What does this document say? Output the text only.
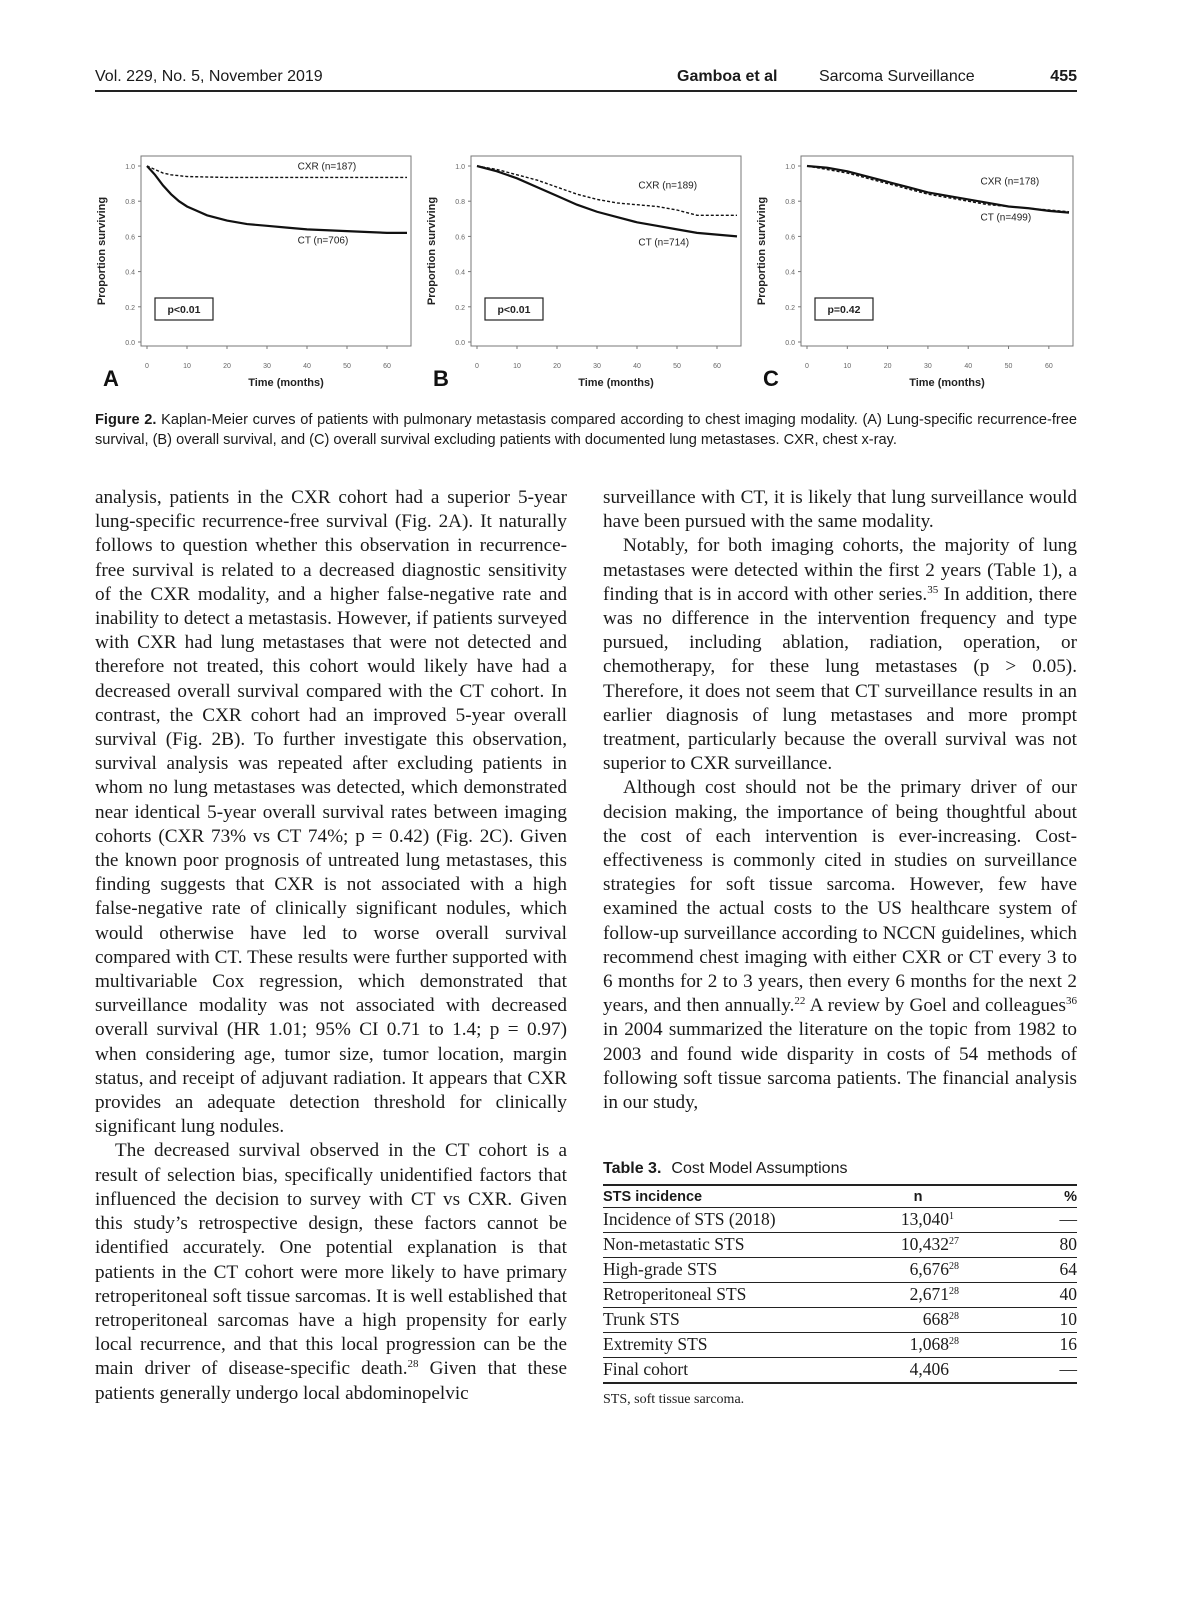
Vol. 229, No. 5, November 2019	Gamboa et al	Sarcoma Surveillance	455
0.0
0.2
0.4
0.6
0.8
1.0
0	10	20	30	40	50	60
Time (months)
Proportion surviving
A
CXR (n=187)
CT (n=706)
p<0.01
0.0
0.2
0.4
0.6
0.8
1.0
0	10	20	30	40	50	60
Time (months)
Proportion surviving
B
CXR (n=189)
CT (n=714)
p<0.01
0.0
0.2
0.4
0.6
0.8
1.0
0	10	20	30	40	50	60
Time (months)
Proportion surviving
C
CXR (n=178)
CT (n=499)
p=0.42
Figure 2. Kaplan-Meier curves of patients with pulmonary metastasis compared according to chest imaging modality. (A) Lung-specific recurrence-free survival, (B) overall survival, and (C) overall survival excluding patients with documented lung metastases. CXR, chest x-ray.

analysis, patients in the CXR cohort had a superior 5-year lung-specific recurrence-free survival (Fig. 2A). It naturally follows to question whether this observation in recurrence-free survival is related to a decreased diagnostic sensitivity of the CXR modality, and a higher false-negative rate and inability to detect a metastasis. However, if patients surveyed with CXR had lung metastases that were not detected and therefore not treated, this cohort would likely have had a decreased overall survival compared with the CT cohort. In contrast, the CXR cohort had an improved 5-year overall survival (Fig. 2B). To further investigate this observation, survival analysis was repeated after excluding patients in whom no lung metastases was detected, which demonstrated near identical 5-year overall survival rates between imaging cohorts (CXR 73% vs CT 74%; p = 0.42) (Fig. 2C). Given the known poor prognosis of untreated lung metastases, this finding suggests that CXR is not associated with a high false-negative rate of clinically significant nodules, which would otherwise have led to worse overall survival compared with CT. These results were further supported with multivariable Cox regression, which demonstrated that surveillance modality was not associated with decreased overall survival (HR 1.01; 95% CI 0.71 to 1.4; p = 0.97) when considering age, tumor size, tumor location, margin status, and receipt of adjuvant radiation. It appears that CXR provides an adequate detection threshold for clinically significant lung nodules.

The decreased survival observed in the CT cohort is a result of selection bias, specifically unidentified factors that influenced the decision to survey with CT vs CXR. Given this study’s retrospective design, these factors cannot be identified accurately. One potential explanation is that patients in the CT cohort were more likely to have primary retroperitoneal soft tissue sarcomas. It is well established that retroperitoneal sarcomas have a high propensity for early local recurrence, and that this local progression can be the main driver of disease-specific death.$^{28}$ Given that these patients generally undergo local abdominopelvic

surveillance with CT, it is likely that lung surveillance would have been pursued with the same modality.

Notably, for both imaging cohorts, the majority of lung metastases were detected within the first 2 years (Table 1), a finding that is in accord with other series.$^{35}$ In addition, there was no difference in the intervention frequency and type pursued, including ablation, radiation, operation, or chemotherapy, for these lung metastases (p > 0.05). Therefore, it does not seem that CT surveillance results in an earlier diagnosis of lung metastases and more prompt treatment, particularly because the overall survival was not superior to CXR surveillance.

Although cost should not be the primary driver of our decision making, the importance of being thoughtful about the cost of each intervention is ever-increasing. Cost-effectiveness is commonly cited in studies on surveillance strategies for soft tissue sarcoma. However, few have examined the actual costs to the US healthcare system of follow-up surveillance according to NCCN guidelines, which recommend chest imaging with either CXR or CT every 3 to 6 months for 2 to 3 years, then every 6 months for the next 2 years, and then annually.$^{22}$ A review by Goel and colleagues$^{36}$ in 2004 summarized the literature on the topic from 1982 to 2003 and found wide disparity in costs of 54 methods of following soft tissue sarcoma patients. The financial analysis in our study,

Table 3. Cost Model Assumptions
STS incidence	n	%
Incidence of STS (2018)	13,0401	—
Non-metastatic STS	10,43227	80
High-grade STS	6,67628	64
Retroperitoneal STS	2,67128	40
Trunk STS	66828	10
Extremity STS	1,06828	16
Final cohort	4,406	—
STS, soft tissue sarcoma.
